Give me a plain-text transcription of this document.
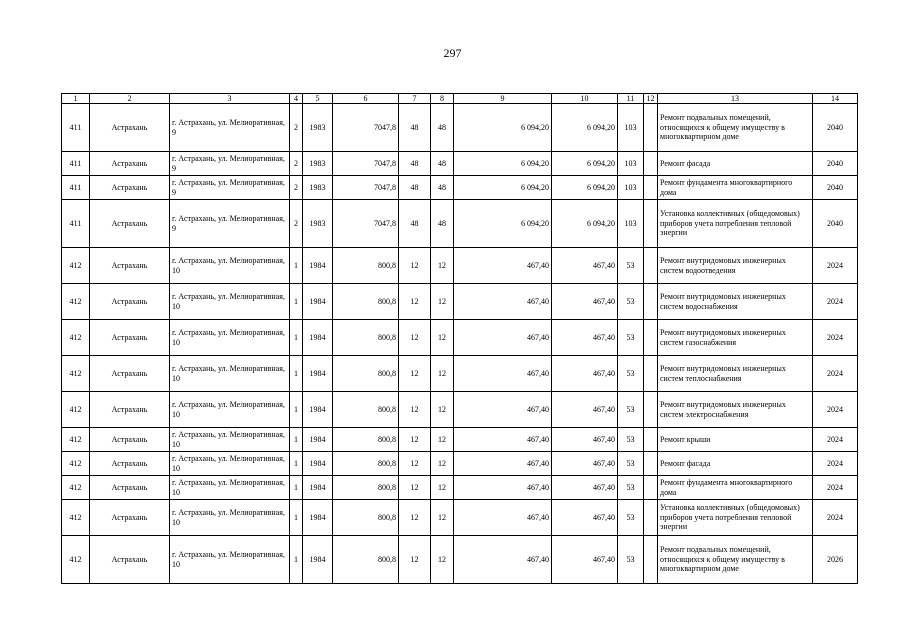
297
1	2	3	4	5	6	7	8	9	10	11	12	13	14
411	Астрахань	г. Астрахань, ул. Мелиоративная, 9	2	1983	7047,8	48	48	6 094,20	6 094,20	103		Ремонт подвальных помещений, относящихся к общему имуществу в многоквартирном доме	2040
411	Астрахань	г. Астрахань, ул. Мелиоративная, 9	2	1983	7047,8	48	48	6 094,20	6 094,20	103		Ремонт фасада	2040
411	Астрахань	г. Астрахань, ул. Мелиоративная, 9	2	1983	7047,8	48	48	6 094,20	6 094,20	103		Ремонт фундамента многоквартирного дома	2040
411	Астрахань	г. Астрахань, ул. Мелиоративная, 9	2	1983	7047,8	48	48	6 094,20	6 094,20	103		Установка коллективных (общедомовых) приборов учета потребления тепловой энергии	2040
412	Астрахань	г. Астрахань, ул. Мелиоративная, 10	1	1984	800,8	12	12	467,40	467,40	53		Ремонт внутридомовых инженерных систем водоотведения	2024
412	Астрахань	г. Астрахань, ул. Мелиоративная, 10	1	1984	800,8	12	12	467,40	467,40	53		Ремонт внутридомовых инженерных систем водоснабжения	2024
412	Астрахань	г. Астрахань, ул. Мелиоративная, 10	1	1984	800,8	12	12	467,40	467,40	53		Ремонт внутридомовых инженерных систем газоснабжения	2024
412	Астрахань	г. Астрахань, ул. Мелиоративная, 10	1	1984	800,8	12	12	467,40	467,40	53		Ремонт внутридомовых инженерных систем теплоснабжения	2024
412	Астрахань	г. Астрахань, ул. Мелиоративная, 10	1	1984	800,8	12	12	467,40	467,40	53		Ремонт внутридомовых инженерных систем электроснабжения	2024
412	Астрахань	г. Астрахань, ул. Мелиоративная, 10	1	1984	800,8	12	12	467,40	467,40	53		Ремонт крыши	2024
412	Астрахань	г. Астрахань, ул. Мелиоративная, 10	1	1984	800,8	12	12	467,40	467,40	53		Ремонт фасада	2024
412	Астрахань	г. Астрахань, ул. Мелиоративная, 10	1	1984	800,8	12	12	467,40	467,40	53		Ремонт фундамента многоквартирного дома	2024
412	Астрахань	г. Астрахань, ул. Мелиоративная, 10	1	1984	800,8	12	12	467,40	467,40	53		Установка коллективных (общедомовых) приборов учета потребления тепловой энергии	2024
412	Астрахань	г. Астрахань, ул. Мелиоративная, 10	1	1984	800,8	12	12	467,40	467,40	53		Ремонт подвальных помещений, относящихся к общему имуществу в многоквартирном доме	2026
